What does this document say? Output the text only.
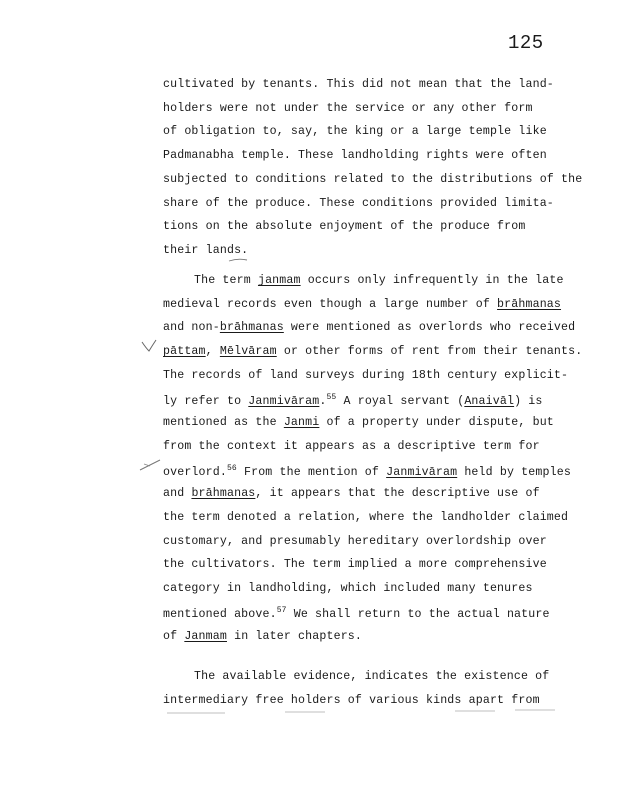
125
cultivated by tenants. This did not mean that the land-
holders were not under the service or any other form
of obligation to, say, the king or a large temple like
Padmanabha temple. These landholding rights were often
subjected to conditions related to the distributions of the
share of the produce. These conditions provided limita-
tions on the absolute enjoyment of the produce from
their lands.
The term janmam occurs only infrequently in the late
medieval records even though a large number of brāhmanas
and non-brāhmanas were mentioned as overlords who received
pāttam, Mēlvāram or other forms of rent from their tenants.
The records of land surveys during 18th century explicit-
ly refer to Janmivāram.$^{55}$ A royal servant (Anaivāl) is
mentioned as the Janmi of a property under dispute, but
from the context it appears as a descriptive term for
overlord.$^{56}$ From the mention of Janmivāram held by temples
and brāhmanas, it appears that the descriptive use of
the term denoted a relation, where the landholder claimed
customary, and presumably hereditary overlordship over
the cultivators. The term implied a more comprehensive
category in landholding, which included many tenures
mentioned above.$^{57}$ We shall return to the actual nature
of Janmam in later chapters.
The available evidence, indicates the existence of
intermediary free holders of various kinds apart from
